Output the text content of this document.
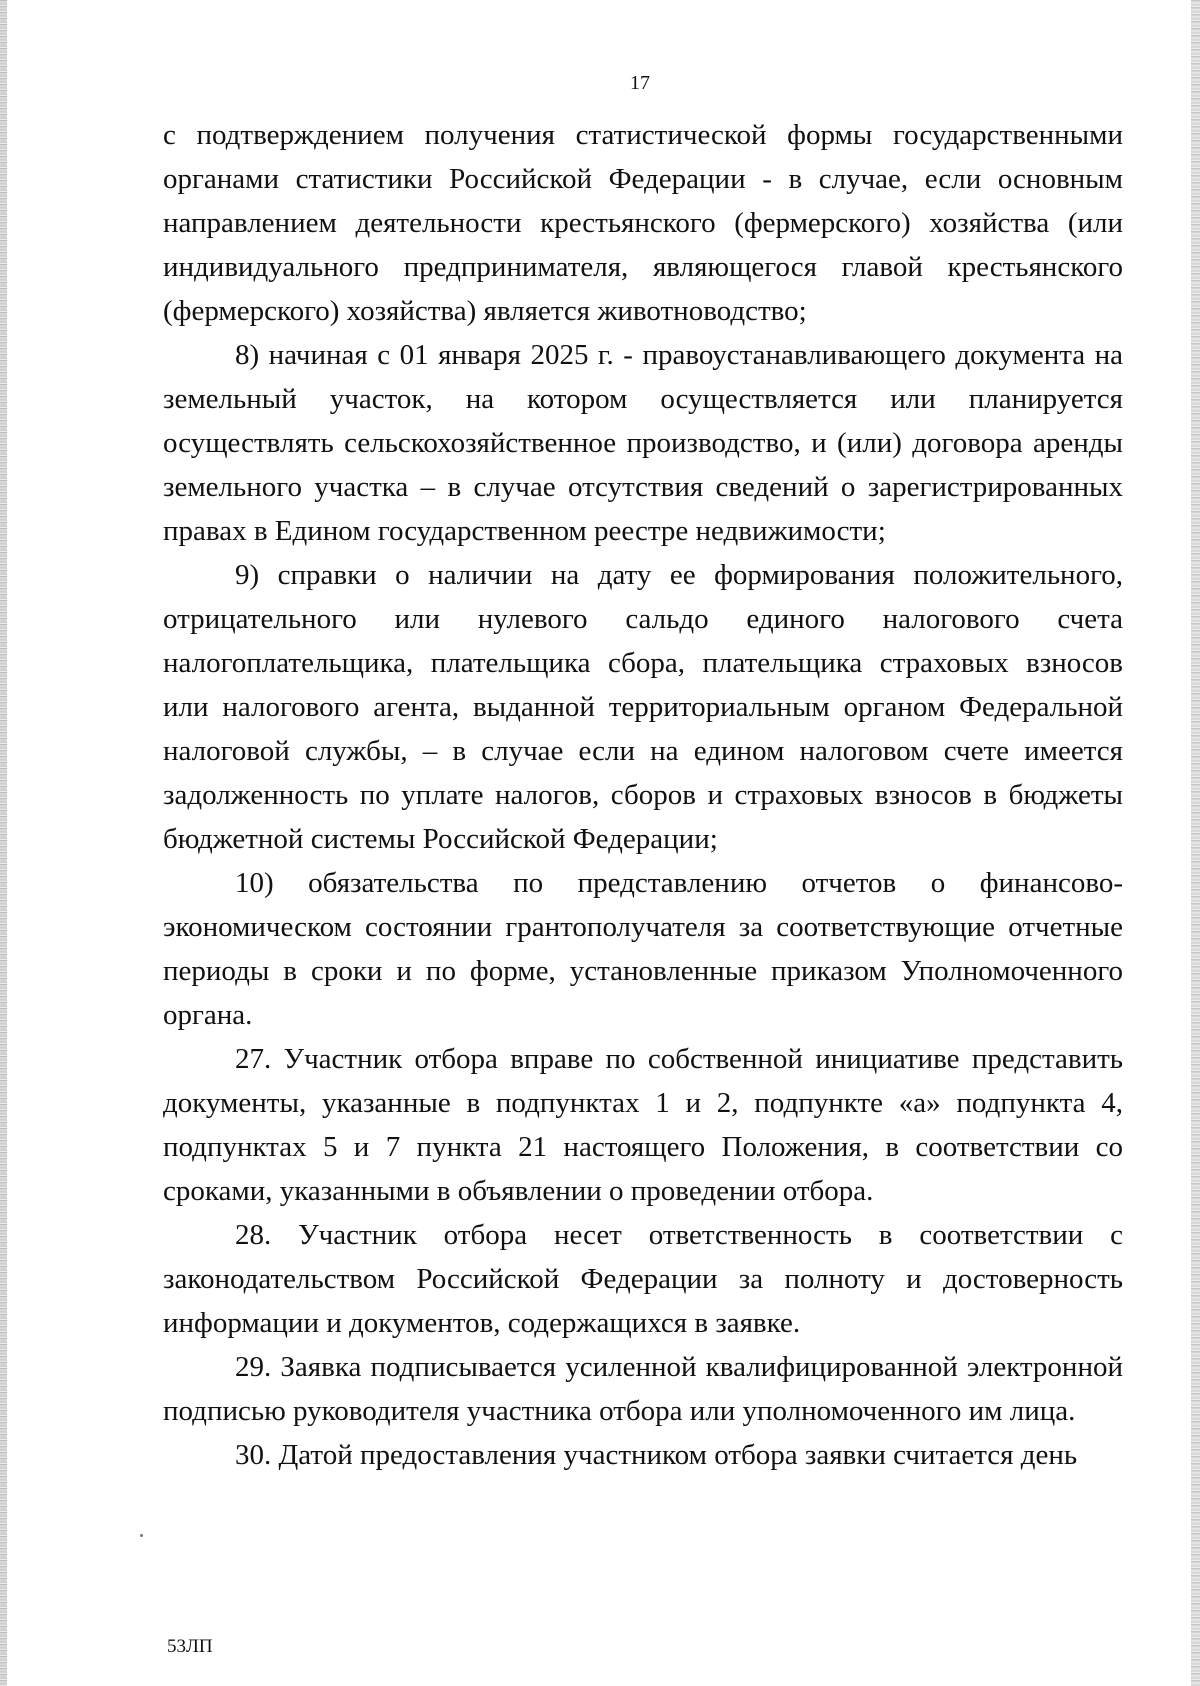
17

с подтверждением получения статистической формы государственными органами статистики Российской Федерации - в случае, если основным направлением деятельности крестьянского (фермерского) хозяйства (или индивидуального предпринимателя, являющегося главой крестьянского (фермерского) хозяйства) является животноводство;

8) начиная с 01 января 2025 г. - правоустанавливающего документа на земельный участок, на котором осуществляется или планируется осуществлять сельскохозяйственное производство, и (или) договора аренды земельного участка – в случае отсутствия сведений о зарегистрированных правах в Едином государственном реестре недвижимости;

9) справки о наличии на дату ее формирования положительного, отрицательного или нулевого сальдо единого налогового счета налогоплательщика, плательщика сбора, плательщика страховых взносов или налогового агента, выданной территориальным органом Федеральной налоговой службы, – в случае если на едином налоговом счете имеется задолженность по уплате налогов, сборов и страховых взносов в бюджеты бюджетной системы Российской Федерации;

10) обязательства по представлению отчетов о финансово-экономическом состоянии грантополучателя за соответствующие отчетные периоды в сроки и по форме, установленные приказом Уполномоченного органа.

27. Участник отбора вправе по собственной инициативе представить документы, указанные в подпунктах 1 и 2, подпункте «а» подпункта 4, подпунктах 5 и 7 пункта 21 настоящего Положения, в соответствии со сроками, указанными в объявлении о проведении отбора.

28. Участник отбора несет ответственность в соответствии с законодательством Российской Федерации за полноту и достоверность информации и документов, содержащихся в заявке.

29. Заявка подписывается усиленной квалифицированной электронной подписью руководителя участника отбора или уполномоченного им лица.

30. Датой предоставления участником отбора заявки считается день

53ЛП
